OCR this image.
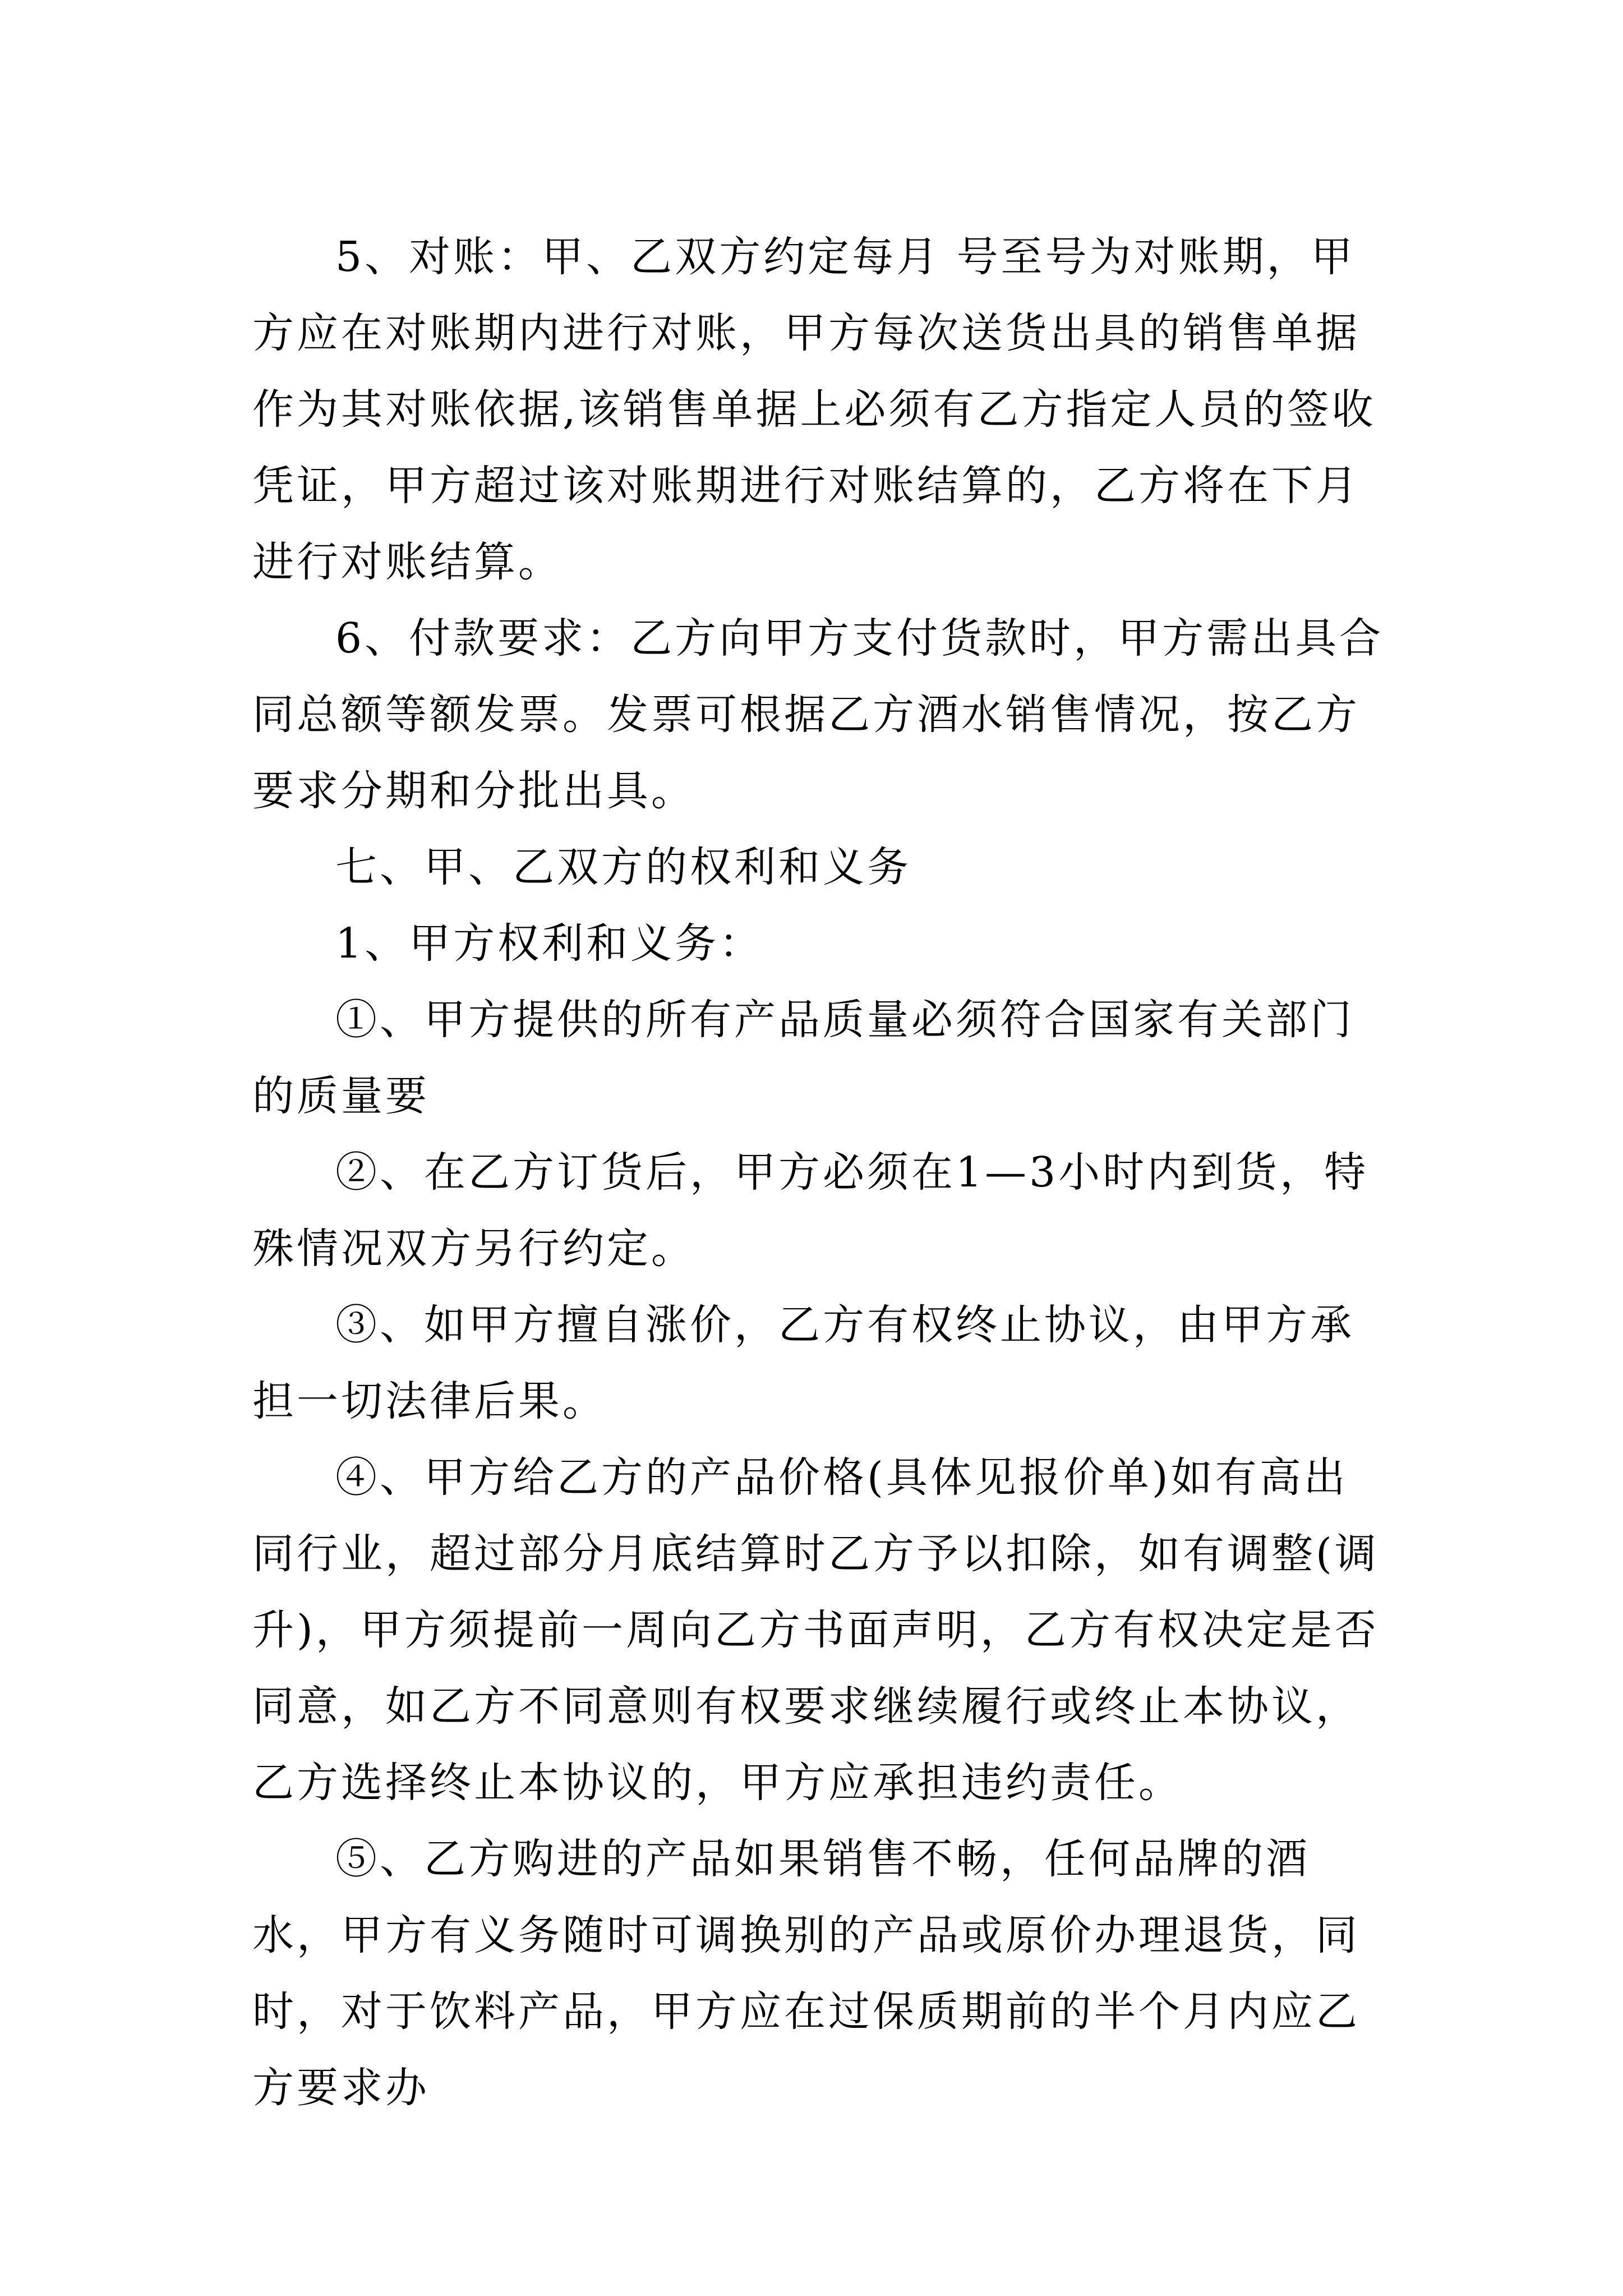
5、对账：甲、乙双方约定每月 号至号为对账期，甲方应在对账期内进行对账，甲方每次送货出具的销售单据作为其对账依据,该销售单据上必须有乙方指定人员的签收凭证，甲方超过该对账期进行对账结算的，乙方将在下月进行对账结算。

6、付款要求：乙方向甲方支付货款时，甲方需出具合同总额等额发票。发票可根据乙方酒水销售情况，按乙方要求分期和分批出具。

七、甲、乙双方的权利和义务

1、甲方权利和义务：

①、甲方提供的所有产品质量必须符合国家有关部门的质量要

②、在乙方订货后，甲方必须在1—3小时内到货，特殊情况双方另行约定。

③、如甲方擅自涨价，乙方有权终止协议，由甲方承担一切法律后果。

④、甲方给乙方的产品价格(具体见报价单)如有高出同行业，超过部分月底结算时乙方予以扣除，如有调整(调升)，甲方须提前一周向乙方书面声明，乙方有权决定是否同意，如乙方不同意则有权要求继续履行或终止本协议，乙方选择终止本协议的，甲方应承担违约责任。

⑤、乙方购进的产品如果销售不畅，任何品牌的酒水，甲方有义务随时可调换别的产品或原价办理退货，同时，对于饮料产品，甲方应在过保质期前的半个月内应乙方要求办
